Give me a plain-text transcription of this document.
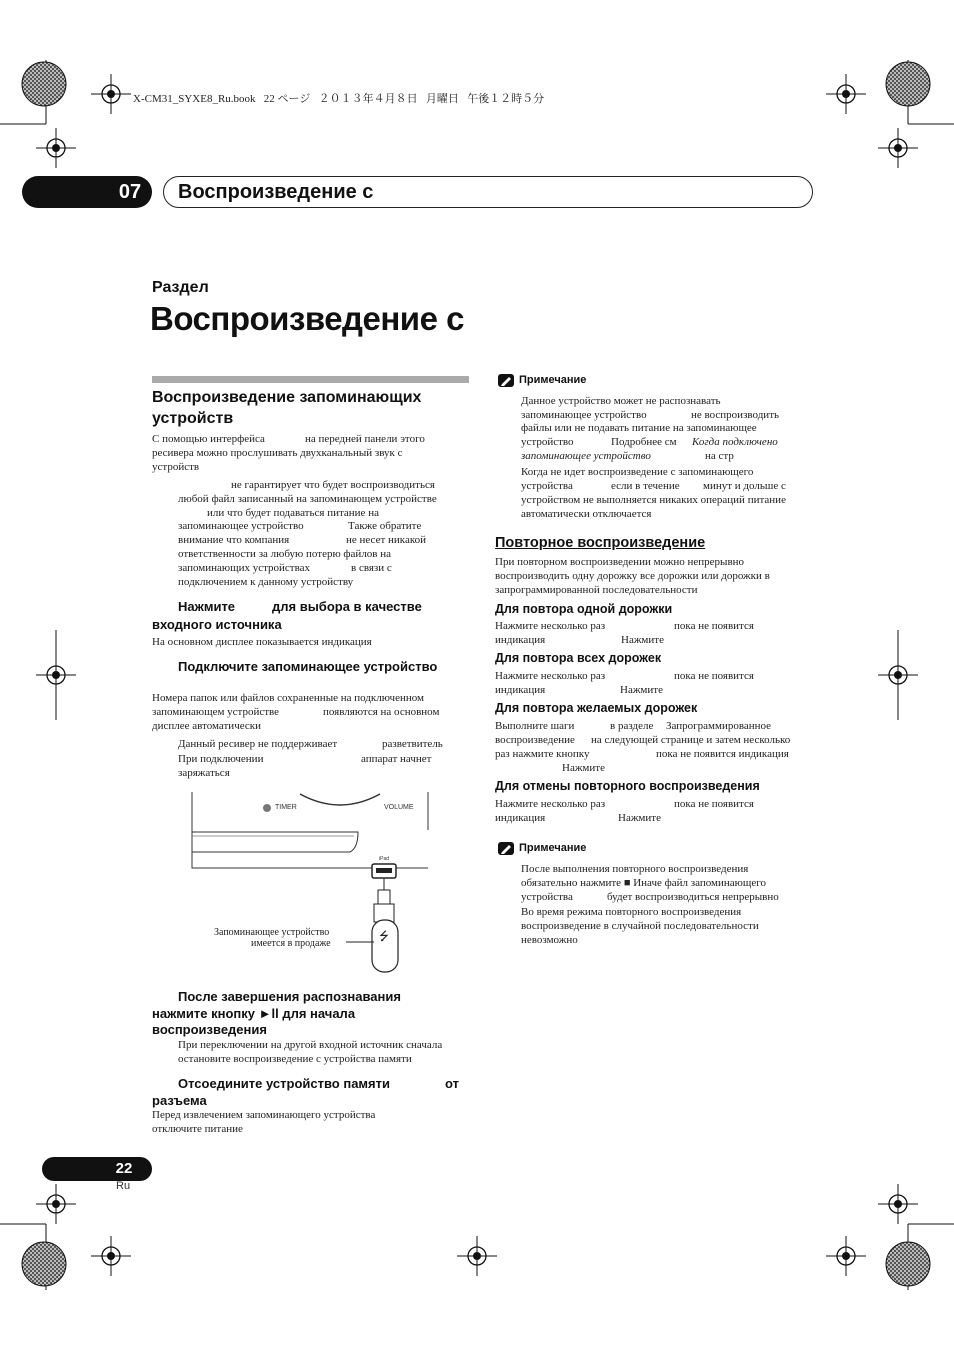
X-CM31_SYXE8_Ru.book   22 ページ   ２０１３年４月８日   月曜日   午後１２時５分
07 Воспроизведение с
Раздел
Воспроизведение с
Воспроизведение запоминающих устройств
С помощью интерфейса	на передней панели этого
ресивера можно прослушивать двухканальный звук с
устройств
не гарантирует что будет воспроизводиться
любой файл записанный на запоминающем устройстве
или что будет подаваться питание на
запоминающее устройство	Также обратите
внимание что компания	не несет никакой
ответственности за любую потерю файлов на
запоминающих устройствах	в связи с
подключением к данному устройству
Нажмите	для выбора в качестве
входного источника
На основном дисплее показывается индикация
Подключите запоминающее устройство
Номера папок или файлов сохраненные на подключенном
запоминающем устройстве	появляются на основном
дисплее автоматически
Данный ресивер не поддерживает	разветвитель
При подключении	аппарат начнет
заряжаться
⭍
TIMER	VOLUME
iPad
Запоминающее устройство
имеется в продаже
После завершения распознавания
нажмите кнопку ►ll для начала
воспроизведения
При переключении на другой входной источник сначала
остановите воспроизведение с устройства памяти
Отсоедините устройство памяти	от
разъема
Перед извлечением запоминающего устройства
отключите питание
Примечание
Данное устройство может не распознавать
запоминающее устройство	не воспроизводить
файлы или не подавать питание на запоминающее
устройство	Подробнее см Когда подключено
запоминающее устройство	на стр
Когда не идет воспроизведение с запоминающего
устройства	если в течение минут и дольше с
устройством не выполняется никаких операций питание
автоматически отключается
Повторное воспроизведение
При повторном воспроизведении можно непрерывно
воспроизводить одну дорожку все дорожки или дорожки в
запрограммированной последовательности
Для повтора одной дорожки
Нажмите несколько раз	пока не появится
индикация	Нажмите
Для повтора всех дорожек
Нажмите несколько раз	пока не появится
индикация	Нажмите
Для повтора желаемых дорожек
Выполните шаги	в разделе Запрограммированное
воспроизведение на следующей странице и затем несколько
раз нажмите кнопку	пока не появится индикация
Нажмите
Для отмены повторного воспроизведения
Нажмите несколько раз	пока не появится
индикация	Нажмите
Примечание
После выполнения повторного воспроизведения
обязательно нажмите ■ Иначе файл запоминающего
устройства	будет воспроизводиться непрерывно
Во время режима повторного воспроизведения
воспроизведение в случайной последовательности
невозможно
22
Ru
